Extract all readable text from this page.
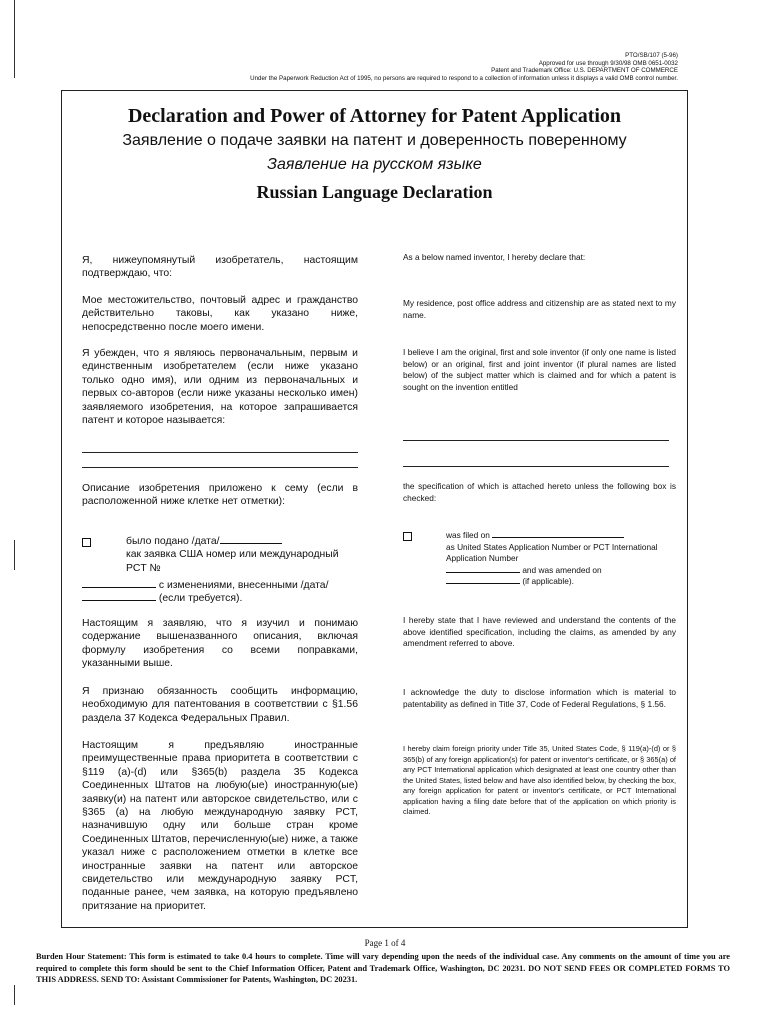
PTO/SB/107 (5-96)
Approved for use through 9/30/98 OMB 0651-0032
Patent and Trademark Office: U.S. DEPARTMENT OF COMMERCE
Under the Paperwork Reduction Act of 1995, no persons are required to respond to a collection of information unless it displays a valid OMB control number.
Declaration and Power of Attorney for Patent Application
Заявление о подаче заявки на патент и доверенность поверенному
Заявление на русском языке
Russian Language Declaration
Я, нижеупомянутый изобретатель, настоящим подтверждаю, что:
Мое местожительство, почтовый адрес и гражданство действительно таковы, как указано ниже, непосредственно после моего имени.
Я убежден, что я являюсь первоначальным, первым и единственным изобретателем (если ниже указано только одно имя), или одним из первоначальных и первых со-авторов (если ниже указаны несколько имен) заявляемого изобретения, на которое запрашивается патент и которое называется:
Описание изобретения приложено к сему (если в расположенной ниже клетке нет отметки):
было подано /дата/
как заявка США номер или международный
PCT №
с изменениями, внесенными /дата/
(если требуется).
Настоящим я заявляю, что я изучил и понимаю содержание вышеназванного описания, включая формулу изобретения со всеми поправками, указанными выше.
Я признаю обязанность сообщить информацию, необходимую для патентования в соответствии с §1.56 раздела 37 Кодекса Федеральных Правил.
Настоящим я предъявляю иностранные преимущественные права приоритета в соответствии с §119 (a)-(d) или §365(b) раздела 35 Кодекса Соединенных Штатов на любую(ые) иностранную(ые) заявку(и) на патент или авторское свидетельство, или с §365 (a) на любую международную заявку PCT, назначившую одну или больше стран кроме Соединенных Штатов, перечисленную(ые) ниже, а также указал ниже с расположением отметки в клетке все иностранные заявки на патент или авторское свидетельство или международную заявку PCT, поданные ранее, чем заявка, на которую предъявлено притязание на приоритет.
As a below named inventor, I hereby declare that:
My residence, post office address and citizenship are as stated next to my name.
I believe I am the original, first and sole inventor (if only one name is listed below) or an original, first and joint inventor (if plural names are listed below) of the subject matter which is claimed and for which a patent is sought on the invention entitled
the specification of which is attached hereto unless the following box is checked:
was filed on
as United States Application Number or PCT International Application Number
and was amended on
(if applicable).
I hereby state that I have reviewed and understand the contents of the above identified specification, including the claims, as amended by any amendment referred to above.
I acknowledge the duty to disclose information which is material to patentability as defined in Title 37, Code of Federal Regulations, § 1.56.
I hereby claim foreign priority under Title 35, United States Code, § 119(a)-(d) or § 365(b) of any foreign application(s) for patent or inventor's certificate, or § 365(a) of any PCT International application which designated at least one country other than the United States, listed below and have also identified below, by checking the box, any foreign application for patent or inventor's certificate, or PCT International application having a filing date before that of the application on which priority is claimed.
Page 1 of 4
Burden Hour Statement: This form is estimated to take 0.4 hours to complete. Time will vary depending upon the needs of the individual case. Any comments on the amount of time you are required to complete this form should be sent to the Chief Information Officer, Patent and Trademark Office, Washington, DC 20231. DO NOT SEND FEES OR COMPLETED FORMS TO THIS ADDRESS. SEND TO: Assistant Commissioner for Patents, Washington, DC 20231.
